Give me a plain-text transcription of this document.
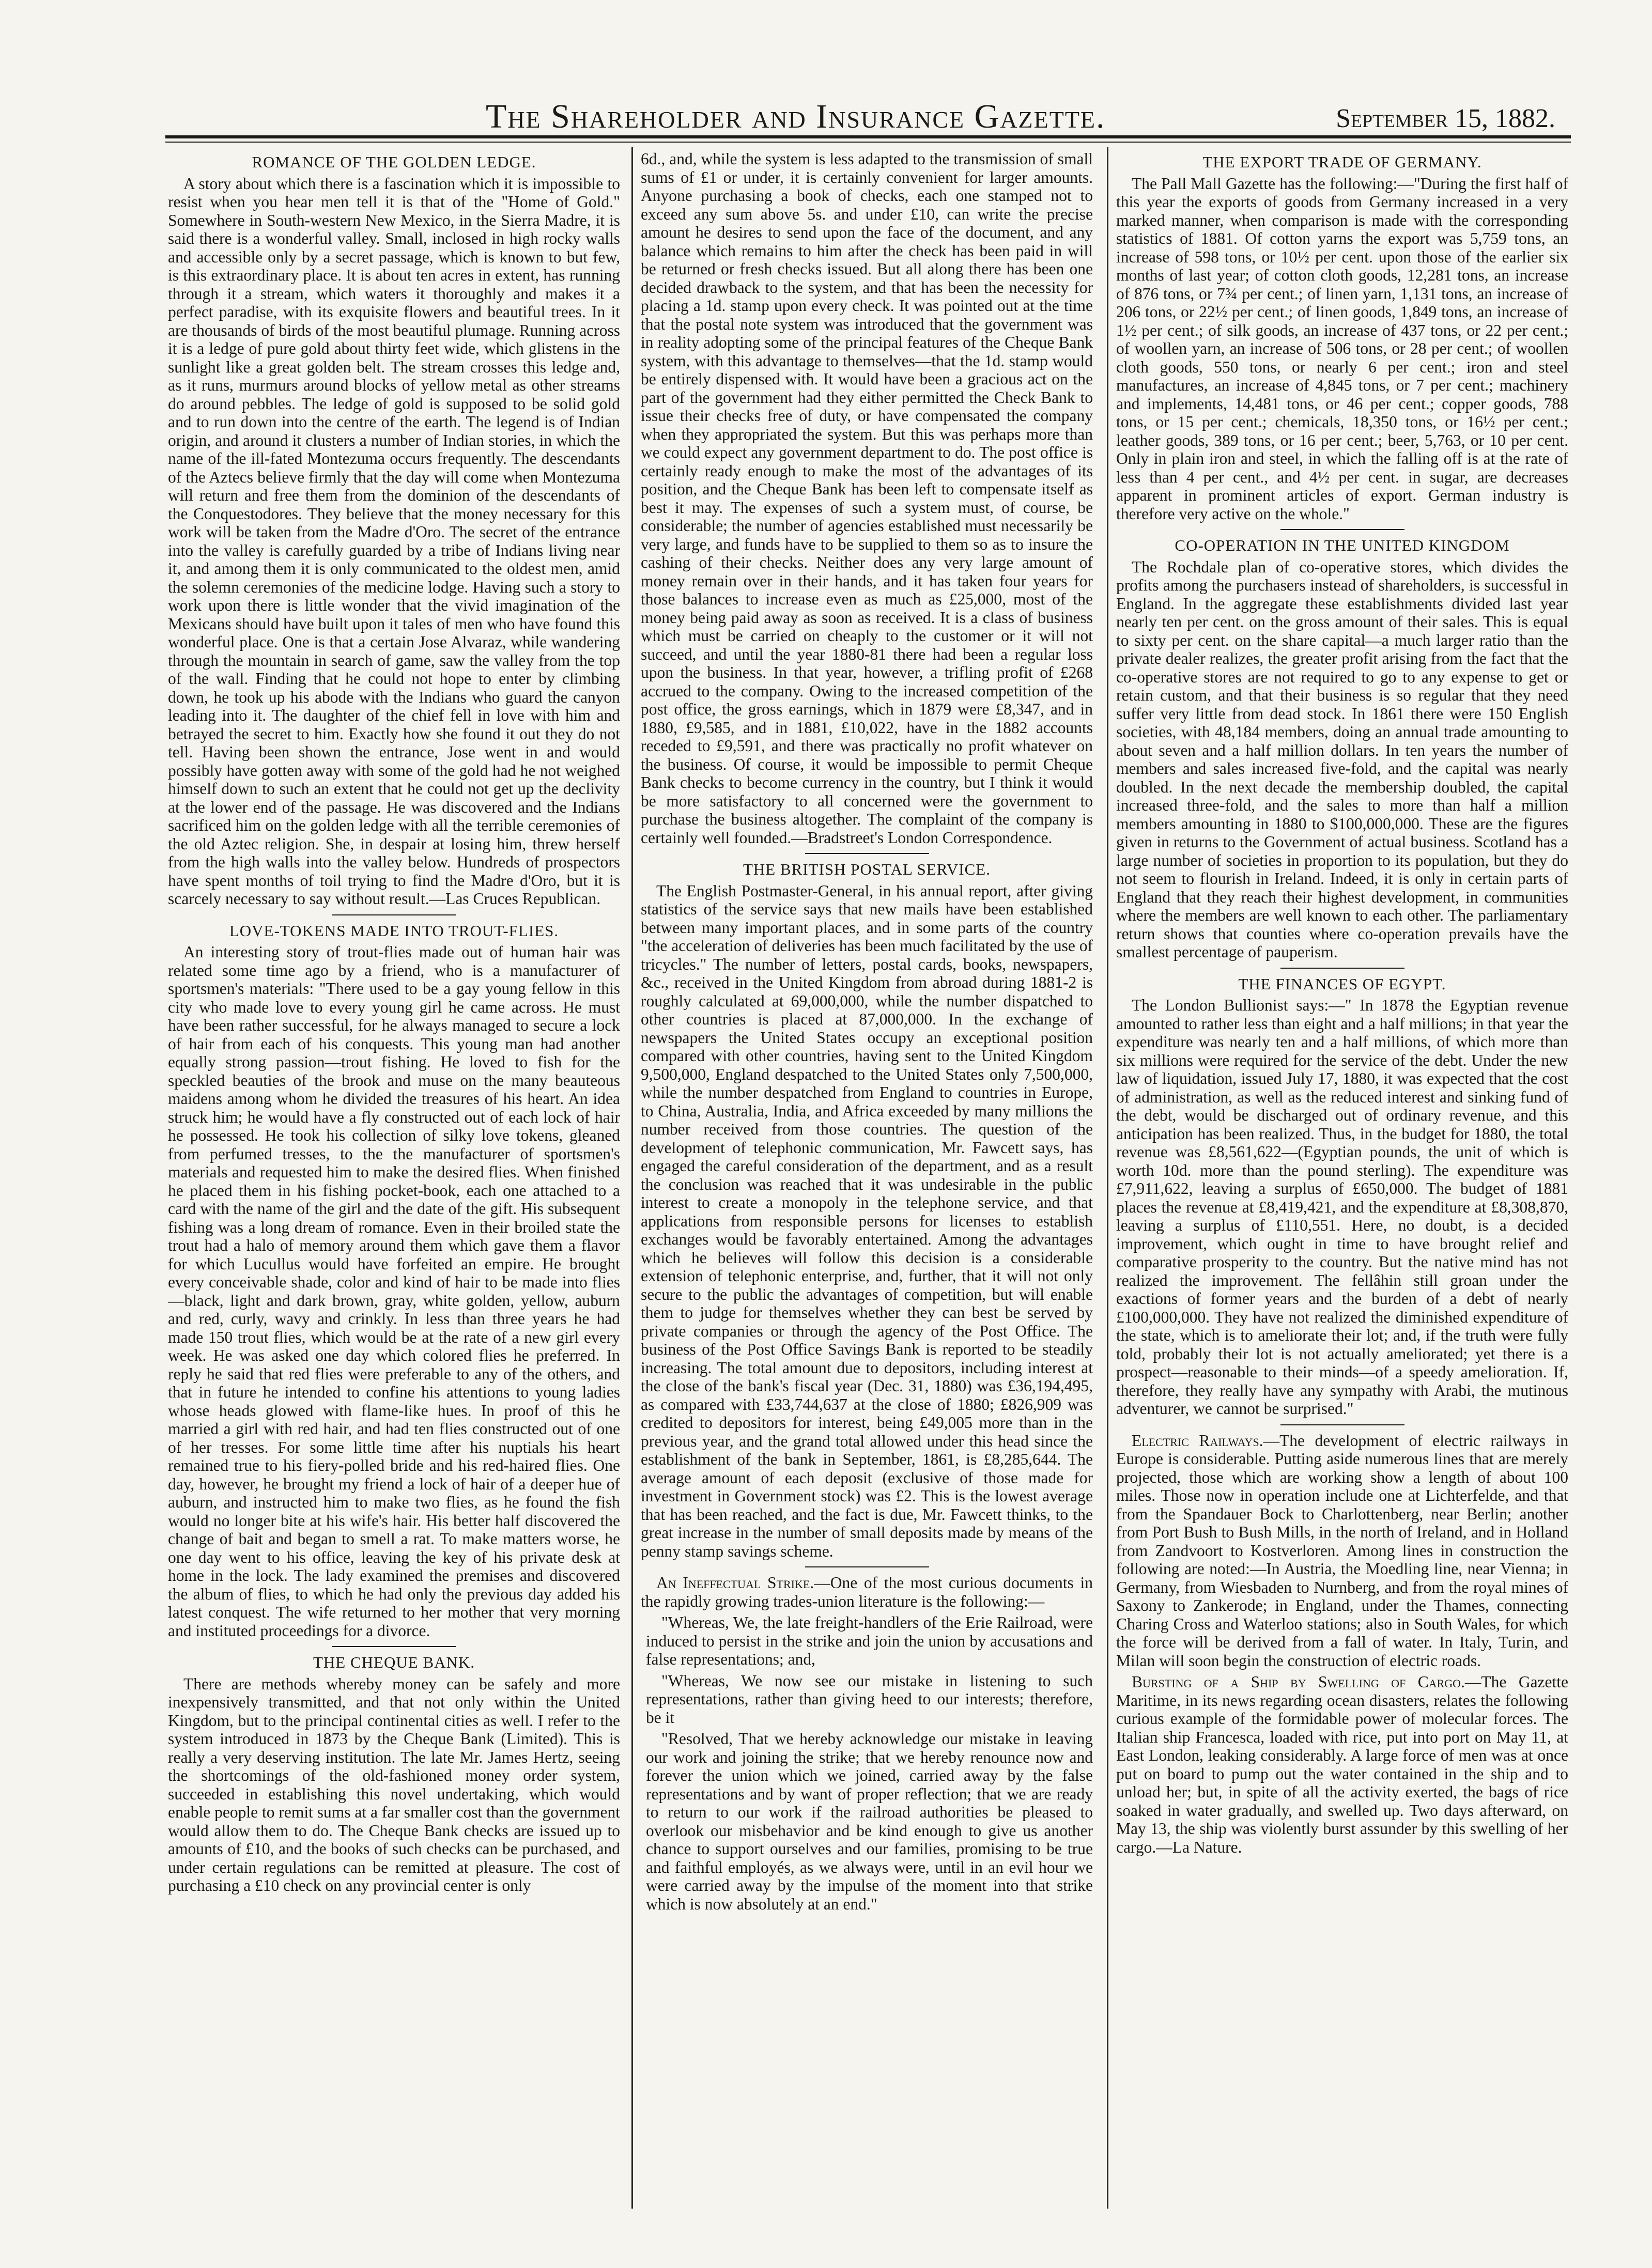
The Shareholder and Insurance Gazette.	September 15, 1882.
ROMANCE OF THE GOLDEN LEDGE.

A story about which there is a fascination which it is impossible to resist when you hear men tell it is that of the "Home of Gold." Somewhere in South-western New Mexico, in the Sierra Madre, it is said there is a wonderful valley. Small, inclosed in high rocky walls and accessible only by a secret passage, which is known to but few, is this extraordinary place. It is about ten acres in extent, has running through it a stream, which waters it thoroughly and makes it a perfect paradise, with its exquisite flowers and beautiful trees. In it are thousands of birds of the most beautiful plumage. Running across it is a ledge of pure gold about thirty feet wide, which glistens in the sunlight like a great golden belt. The stream crosses this ledge and, as it runs, murmurs around blocks of yellow metal as other streams do around pebbles. The ledge of gold is supposed to be solid gold and to run down into the centre of the earth. The legend is of Indian origin, and around it clusters a number of Indian stories, in which the name of the ill-fated Montezuma occurs frequently. The descendants of the Aztecs believe firmly that the day will come when Montezuma will return and free them from the dominion of the descendants of the Conquestodores. They believe that the money necessary for this work will be taken from the Madre d'Oro. The secret of the entrance into the valley is carefully guarded by a tribe of Indians living near it, and among them it is only communicated to the oldest men, amid the solemn ceremonies of the medicine lodge. Having such a story to work upon there is little wonder that the vivid imagination of the Mexicans should have built upon it tales of men who have found this wonderful place. One is that a certain Jose Alvaraz, while wandering through the mountain in search of game, saw the valley from the top of the wall. Finding that he could not hope to enter by climbing down, he took up his abode with the Indians who guard the canyon leading into it. The daughter of the chief fell in love with him and betrayed the secret to him. Exactly how she found it out they do not tell. Having been shown the entrance, Jose went in and would possibly have gotten away with some of the gold had he not weighed himself down to such an extent that he could not get up the declivity at the lower end of the passage. He was discovered and the Indians sacrificed him on the golden ledge with all the terrible ceremonies of the old Aztec religion. She, in despair at losing him, threw herself from the high walls into the valley below. Hundreds of prospectors have spent months of toil trying to find the Madre d'Oro, but it is scarcely necessary to say without result.—Las Cruces Republican.

LOVE-TOKENS MADE INTO TROUT-FLIES.

An interesting story of trout-flies made out of human hair was related some time ago by a friend, who is a manufacturer of sportsmen's materials: "There used to be a gay young fellow in this city who made love to every young girl he came across. He must have been rather successful, for he always managed to secure a lock of hair from each of his conquests. This young man had another equally strong passion—trout fishing. He loved to fish for the speckled beauties of the brook and muse on the many beauteous maidens among whom he divided the treasures of his heart. An idea struck him; he would have a fly constructed out of each lock of hair he possessed. He took his collection of silky love tokens, gleaned from perfumed tresses, to the the manufacturer of sportsmen's materials and requested him to make the desired flies. When finished he placed them in his fishing pocket-book, each one attached to a card with the name of the girl and the date of the gift. His subsequent fishing was a long dream of romance. Even in their broiled state the trout had a halo of memory around them which gave them a flavor for which Lucullus would have forfeited an empire. He brought every conceivable shade, color and kind of hair to be made into flies—black, light and dark brown, gray, white golden, yellow, auburn and red, curly, wavy and crinkly. In less than three years he had made 150 trout flies, which would be at the rate of a new girl every week. He was asked one day which colored flies he preferred. In reply he said that red flies were preferable to any of the others, and that in future he intended to confine his attentions to young ladies whose heads glowed with flame-like hues. In proof of this he married a girl with red hair, and had ten flies constructed out of one of her tresses. For some little time after his nuptials his heart remained true to his fiery-polled bride and his red-haired flies. One day, however, he brought my friend a lock of hair of a deeper hue of auburn, and instructed him to make two flies, as he found the fish would no longer bite at his wife's hair. His better half discovered the change of bait and began to smell a rat. To make matters worse, he one day went to his office, leaving the key of his private desk at home in the lock. The lady examined the premises and discovered the album of flies, to which he had only the previous day added his latest conquest. The wife returned to her mother that very morning and instituted proceedings for a divorce.

THE CHEQUE BANK.

There are methods whereby money can be safely and more inexpensively transmitted, and that not only within the United Kingdom, but to the principal continental cities as well. I refer to the system introduced in 1873 by the Cheque Bank (Limited). This is really a very deserving institution. The late Mr. James Hertz, seeing the shortcomings of the old-fashioned money order system, succeeded in establishing this novel undertaking, which would enable people to remit sums at a far smaller cost than the government would allow them to do. The Cheque Bank checks are issued up to amounts of £10, and the books of such checks can be purchased, and under certain regulations can be remitted at pleasure. The cost of purchasing a £10 check on any provincial center is only

6d., and, while the system is less adapted to the transmission of small sums of £1 or under, it is certainly convenient for larger amounts. Anyone purchasing a book of checks, each one stamped not to exceed any sum above 5s. and under £10, can write the precise amount he desires to send upon the face of the document, and any balance which remains to him after the check has been paid in will be returned or fresh checks issued. But all along there has been one decided drawback to the system, and that has been the necessity for placing a 1d. stamp upon every check. It was pointed out at the time that the postal note system was introduced that the government was in reality adopting some of the principal features of the Cheque Bank system, with this advantage to themselves—that the 1d. stamp would be entirely dispensed with. It would have been a gracious act on the part of the government had they either permitted the Check Bank to issue their checks free of duty, or have compensated the company when they appropriated the system. But this was perhaps more than we could expect any government department to do. The post office is certainly ready enough to make the most of the advantages of its position, and the Cheque Bank has been left to compensate itself as best it may. The expenses of such a system must, of course, be considerable; the number of agencies established must necessarily be very large, and funds have to be supplied to them so as to insure the cashing of their checks. Neither does any very large amount of money remain over in their hands, and it has taken four years for those balances to increase even as much as £25,000, most of the money being paid away as soon as received. It is a class of business which must be carried on cheaply to the customer or it will not succeed, and until the year 1880-81 there had been a regular loss upon the business. In that year, however, a trifling profit of £268 accrued to the company. Owing to the increased competition of the post office, the gross earnings, which in 1879 were £8,347, and in 1880, £9,585, and in 1881, £10,022, have in the 1882 accounts receded to £9,591, and there was practically no profit whatever on the business. Of course, it would be impossible to permit Cheque Bank checks to become currency in the country, but I think it would be more satisfactory to all concerned were the government to purchase the business altogether. The complaint of the company is certainly well founded.—Bradstreet's London Correspondence.

THE BRITISH POSTAL SERVICE.

The English Postmaster-General, in his annual report, after giving statistics of the service says that new mails have been established between many important places, and in some parts of the country "the acceleration of deliveries has been much facilitated by the use of tricycles." The number of letters, postal cards, books, newspapers, &c., received in the United Kingdom from abroad during 1881-2 is roughly calculated at 69,000,000, while the number dispatched to other countries is placed at 87,000,000. In the exchange of newspapers the United States occupy an exceptional position compared with other countries, having sent to the United Kingdom 9,500,000, England despatched to the United States only 7,500,000, while the number despatched from England to countries in Europe, to China, Australia, India, and Africa exceeded by many millions the number received from those countries. The question of the development of telephonic communication, Mr. Fawcett says, has engaged the careful consideration of the department, and as a result the conclusion was reached that it was undesirable in the public interest to create a monopoly in the telephone service, and that applications from responsible persons for licenses to establish exchanges would be favorably entertained. Among the advantages which he believes will follow this decision is a considerable extension of telephonic enterprise, and, further, that it will not only secure to the public the advantages of competition, but will enable them to judge for themselves whether they can best be served by private companies or through the agency of the Post Office. The business of the Post Office Savings Bank is reported to be steadily increasing. The total amount due to depositors, including interest at the close of the bank's fiscal year (Dec. 31, 1880) was £36,194,495, as compared with £33,744,637 at the close of 1880; £826,909 was credited to depositors for interest, being £49,005 more than in the previous year, and the grand total allowed under this head since the establishment of the bank in September, 1861, is £8,285,644. The average amount of each deposit (exclusive of those made for investment in Government stock) was £2. This is the lowest average that has been reached, and the fact is due, Mr. Fawcett thinks, to the great increase in the number of small deposits made by means of the penny stamp savings scheme.

An Ineffectual Strike.—One of the most curious documents in the rapidly growing trades-union literature is the following:—

"Whereas, We, the late freight-handlers of the Erie Railroad, were induced to persist in the strike and join the union by accusations and false representations; and,

"Whereas, We now see our mistake in listening to such representations, rather than giving heed to our interests; therefore, be it

"Resolved, That we hereby acknowledge our mistake in leaving our work and joining the strike; that we hereby renounce now and forever the union which we joined, carried away by the false representations and by want of proper reflection; that we are ready to return to our work if the railroad authorities be pleased to overlook our misbehavior and be kind enough to give us another chance to support ourselves and our families, promising to be true and faithful employés, as we always were, until in an evil hour we were carried away by the impulse of the moment into that strike which is now absolutely at an end."

THE EXPORT TRADE OF GERMANY.

The Pall Mall Gazette has the following:—"During the first half of this year the exports of goods from Germany increased in a very marked manner, when comparison is made with the corresponding statistics of 1881. Of cotton yarns the export was 5,759 tons, an increase of 598 tons, or 10½ per cent. upon those of the earlier six months of last year; of cotton cloth goods, 12,281 tons, an increase of 876 tons, or 7¾ per cent.; of linen yarn, 1,131 tons, an increase of 206 tons, or 22½ per cent.; of linen goods, 1,849 tons, an increase of 1½ per cent.; of silk goods, an increase of 437 tons, or 22 per cent.; of woollen yarn, an increase of 506 tons, or 28 per cent.; of woollen cloth goods, 550 tons, or nearly 6 per cent.; iron and steel manufactures, an increase of 4,845 tons, or 7 per cent.; machinery and implements, 14,481 tons, or 46 per cent.; copper goods, 788 tons, or 15 per cent.; chemicals, 18,350 tons, or 16½ per cent.; leather goods, 389 tons, or 16 per cent.; beer, 5,763, or 10 per cent. Only in plain iron and steel, in which the falling off is at the rate of less than 4 per cent., and 4½ per cent. in sugar, are decreases apparent in prominent articles of export. German industry is therefore very active on the whole."

CO-OPERATION IN THE UNITED KINGDOM

The Rochdale plan of co-operative stores, which divides the profits among the purchasers instead of shareholders, is successful in England. In the aggregate these establishments divided last year nearly ten per cent. on the gross amount of their sales. This is equal to sixty per cent. on the share capital—a much larger ratio than the private dealer realizes, the greater profit arising from the fact that the co-operative stores are not required to go to any expense to get or retain custom, and that their business is so regular that they need suffer very little from dead stock. In 1861 there were 150 English societies, with 48,184 members, doing an annual trade amounting to about seven and a half million dollars. In ten years the number of members and sales increased five-fold, and the capital was nearly doubled. In the next decade the membership doubled, the capital increased three-fold, and the sales to more than half a million members amounting in 1880 to $100,000,000. These are the figures given in returns to the Government of actual business. Scotland has a large number of societies in proportion to its population, but they do not seem to flourish in Ireland. Indeed, it is only in certain parts of England that they reach their highest development, in communities where the members are well known to each other. The parliamentary return shows that counties where co-operation prevails have the smallest percentage of pauperism.

THE FINANCES OF EGYPT.

The London Bullionist says:—" In 1878 the Egyptian revenue amounted to rather less than eight and a half millions; in that year the expenditure was nearly ten and a half millions, of which more than six millions were required for the service of the debt. Under the new law of liquidation, issued July 17, 1880, it was expected that the cost of administration, as well as the reduced interest and sinking fund of the debt, would be discharged out of ordinary revenue, and this anticipation has been realized. Thus, in the budget for 1880, the total revenue was £8,561,622—(Egyptian pounds, the unit of which is worth 10d. more than the pound sterling). The expenditure was £7,911,622, leaving a surplus of £650,000. The budget of 1881 places the revenue at £8,419,421, and the expenditure at £8,308,870, leaving a surplus of £110,551. Here, no doubt, is a decided improvement, which ought in time to have brought relief and comparative prosperity to the country. But the native mind has not realized the improvement. The fellâhin still groan under the exactions of former years and the burden of a debt of nearly £100,000,000. They have not realized the diminished expenditure of the state, which is to ameliorate their lot; and, if the truth were fully told, probably their lot is not actually ameliorated; yet there is a prospect—reasonable to their minds—of a speedy amelioration. If, therefore, they really have any sympathy with Arabi, the mutinous adventurer, we cannot be surprised."

Electric Railways.—The development of electric railways in Europe is considerable. Putting aside numerous lines that are merely projected, those which are working show a length of about 100 miles. Those now in operation include one at Lichterfelde, and that from the Spandauer Bock to Charlottenberg, near Berlin; another from Port Bush to Bush Mills, in the north of Ireland, and in Holland from Zandvoort to Kostverloren. Among lines in construction the following are noted:—In Austria, the Moedling line, near Vienna; in Germany, from Wiesbaden to Nurnberg, and from the royal mines of Saxony to Zankerode; in England, under the Thames, connecting Charing Cross and Waterloo stations; also in South Wales, for which the force will be derived from a fall of water. In Italy, Turin, and Milan will soon begin the construction of electric roads.

Bursting of a Ship by Swelling of Cargo.—The Gazette Maritime, in its news regarding ocean disasters, relates the following curious example of the formidable power of molecular forces. The Italian ship Francesca, loaded with rice, put into port on May 11, at East London, leaking considerably. A large force of men was at once put on board to pump out the water contained in the ship and to unload her; but, in spite of all the activity exerted, the bags of rice soaked in water gradually, and swelled up. Two days afterward, on May 13, the ship was violently burst assunder by this swelling of her cargo.—La Nature.
